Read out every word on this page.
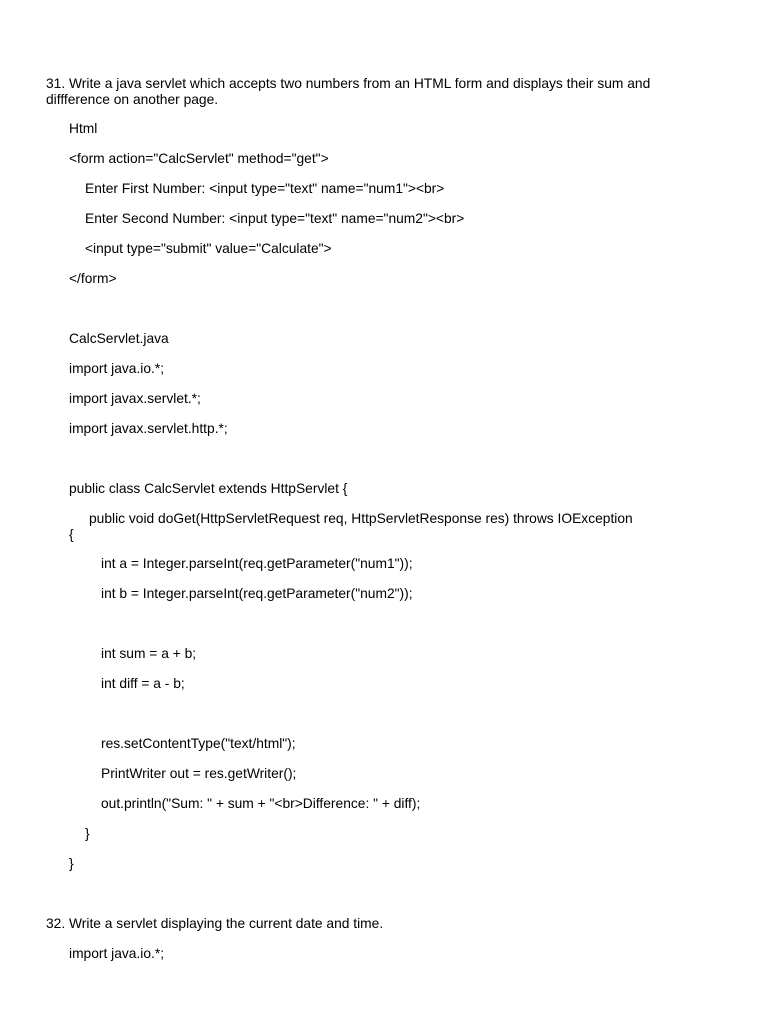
31. Write a java servlet which accepts two numbers from an HTML form and displays their sum and diffference on another page.
Html
<form action="CalcServlet" method="get">
Enter First Number: <input type="text" name="num1"><br>
Enter Second Number: <input type="text" name="num2"><br>
<input type="submit" value="Calculate">
</form>
CalcServlet.java
import java.io.*;
import javax.servlet.*;
import javax.servlet.http.*;
public class CalcServlet extends HttpServlet {
public void doGet(HttpServletRequest req, HttpServletResponse res) throws IOException
{
int a = Integer.parseInt(req.getParameter("num1"));
int b = Integer.parseInt(req.getParameter("num2"));
int sum = a + b;
int diff = a - b;
res.setContentType("text/html");
PrintWriter out = res.getWriter();
out.println("Sum: " + sum + "<br>Difference: " + diff);
}
}
32. Write a servlet displaying the current date and time.
import java.io.*;
